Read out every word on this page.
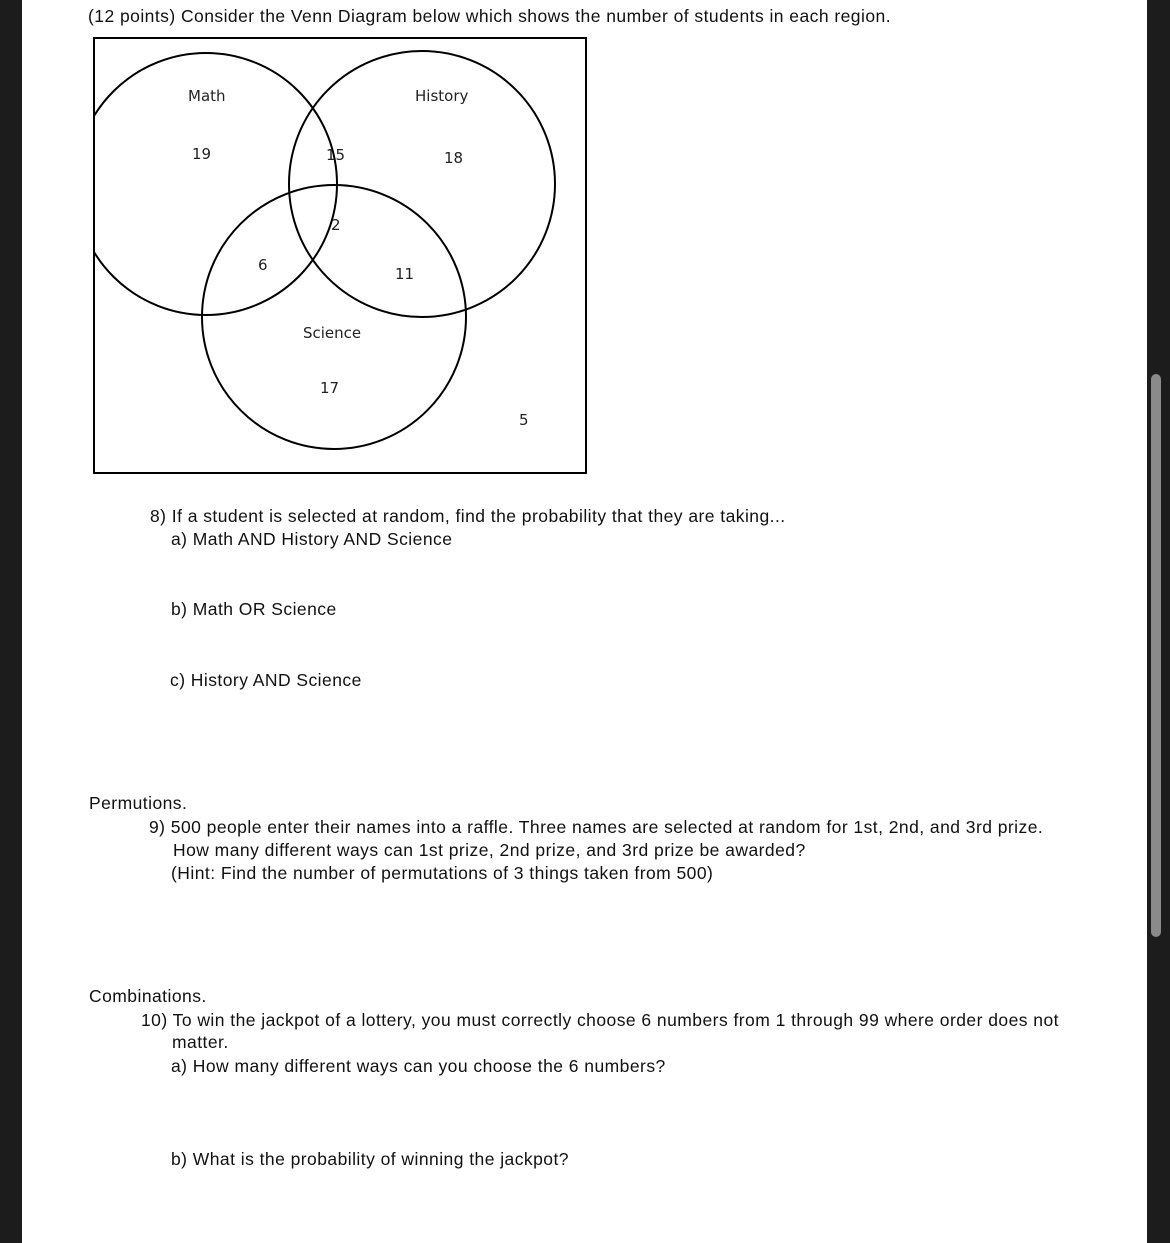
(12 points) Consider the Venn Diagram below which shows the number of students in each region.
Math	History
Science
19	15	18
2
6	11
17
5
8) If a student is selected at random, find the probability that they are taking...
a) Math AND History AND Science
b) Math OR Science
c) History AND Science
Permutions.
9) 500 people enter their names into a raffle. Three names are selected at random for 1st, 2nd, and 3rd prize.
How many different ways can 1st prize, 2nd prize, and 3rd prize be awarded?
(Hint: Find the number of permutations of 3 things taken from 500)
Combinations.
10) To win the jackpot of a lottery, you must correctly choose 6 numbers from 1 through 99 where order does not
matter.
a) How many different ways can you choose the 6 numbers?
b) What is the probability of winning the jackpot?
